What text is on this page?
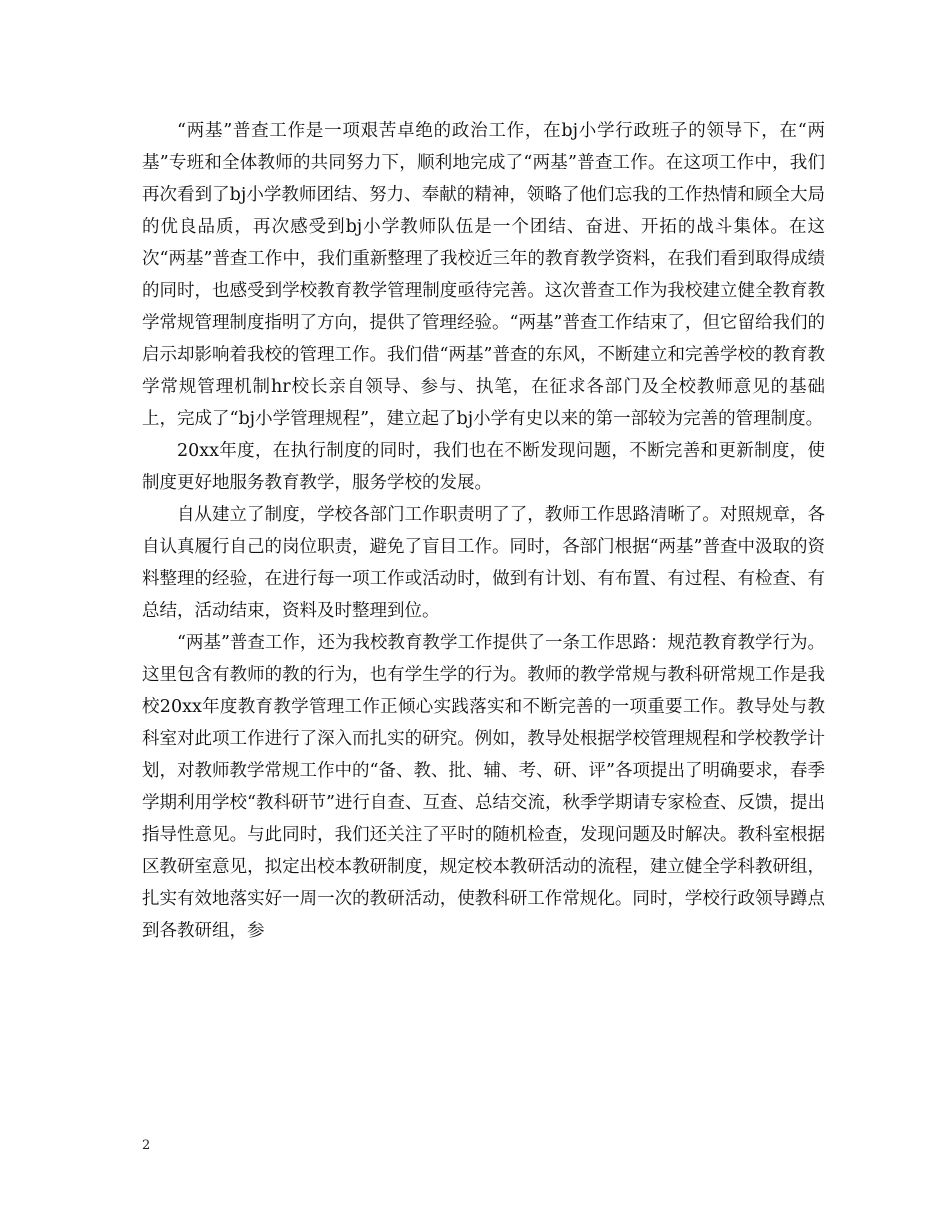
“两基”普查工作是一项艰苦卓绝的政治工作，在bj小学行政班子的领导下，在“两基”专班和全体教师的共同努力下，顺利地完成了“两基”普查工作。在这项工作中，我们再次看到了bj小学教师团结、努力、奉献的精神，领略了他们忘我的工作热情和顾全大局的优良品质，再次感受到bj小学教师队伍是一个团结、奋进、开拓的战斗集体。在这次“两基”普查工作中，我们重新整理了我校近三年的教育教学资料，在我们看到取得成绩的同时，也感受到学校教育教学管理制度亟待完善。这次普查工作为我校建立健全教育教学常规管理制度指明了方向，提供了管理经验。“两基”普查工作结束了，但它留给我们的启示却影响着我校的管理工作。我们借“两基”普查的东风，不断建立和完善学校的教育教学常规管理机制hr校长亲自领导、参与、执笔，在征求各部门及全校教师意见的基础上，完成了“bj小学管理规程”，建立起了bj小学有史以来的第一部较为完善的管理制度。

20xx年度，在执行制度的同时，我们也在不断发现问题，不断完善和更新制度，使制度更好地服务教育教学，服务学校的发展。

自从建立了制度，学校各部门工作职责明了了，教师工作思路清晰了。对照规章，各自认真履行自己的岗位职责，避免了盲目工作。同时，各部门根据“两基”普查中汲取的资料整理的经验，在进行每一项工作或活动时，做到有计划、有布置、有过程、有检查、有总结，活动结束，资料及时整理到位。

“两基”普查工作，还为我校教育教学工作提供了一条工作思路：规范教育教学行为。这里包含有教师的教的行为，也有学生学的行为。教师的教学常规与教科研常规工作是我校20xx年度教育教学管理工作正倾心实践落实和不断完善的一项重要工作。教导处与教科室对此项工作进行了深入而扎实的研究。例如，教导处根据学校管理规程和学校教学计划，对教师教学常规工作中的“备、教、批、辅、考、研、评”各项提出了明确要求，春季学期利用学校“教科研节”进行自查、互查、总结交流，秋季学期请专家检查、反馈，提出指导性意见。与此同时，我们还关注了平时的随机检查，发现问题及时解决。教科室根据区教研室意见，拟定出校本教研制度，规定校本教研活动的流程，建立健全学科教研组，扎实有效地落实好一周一次的教研活动，使教科研工作常规化。同时，学校行政领导蹲点到各教研组，参

2
